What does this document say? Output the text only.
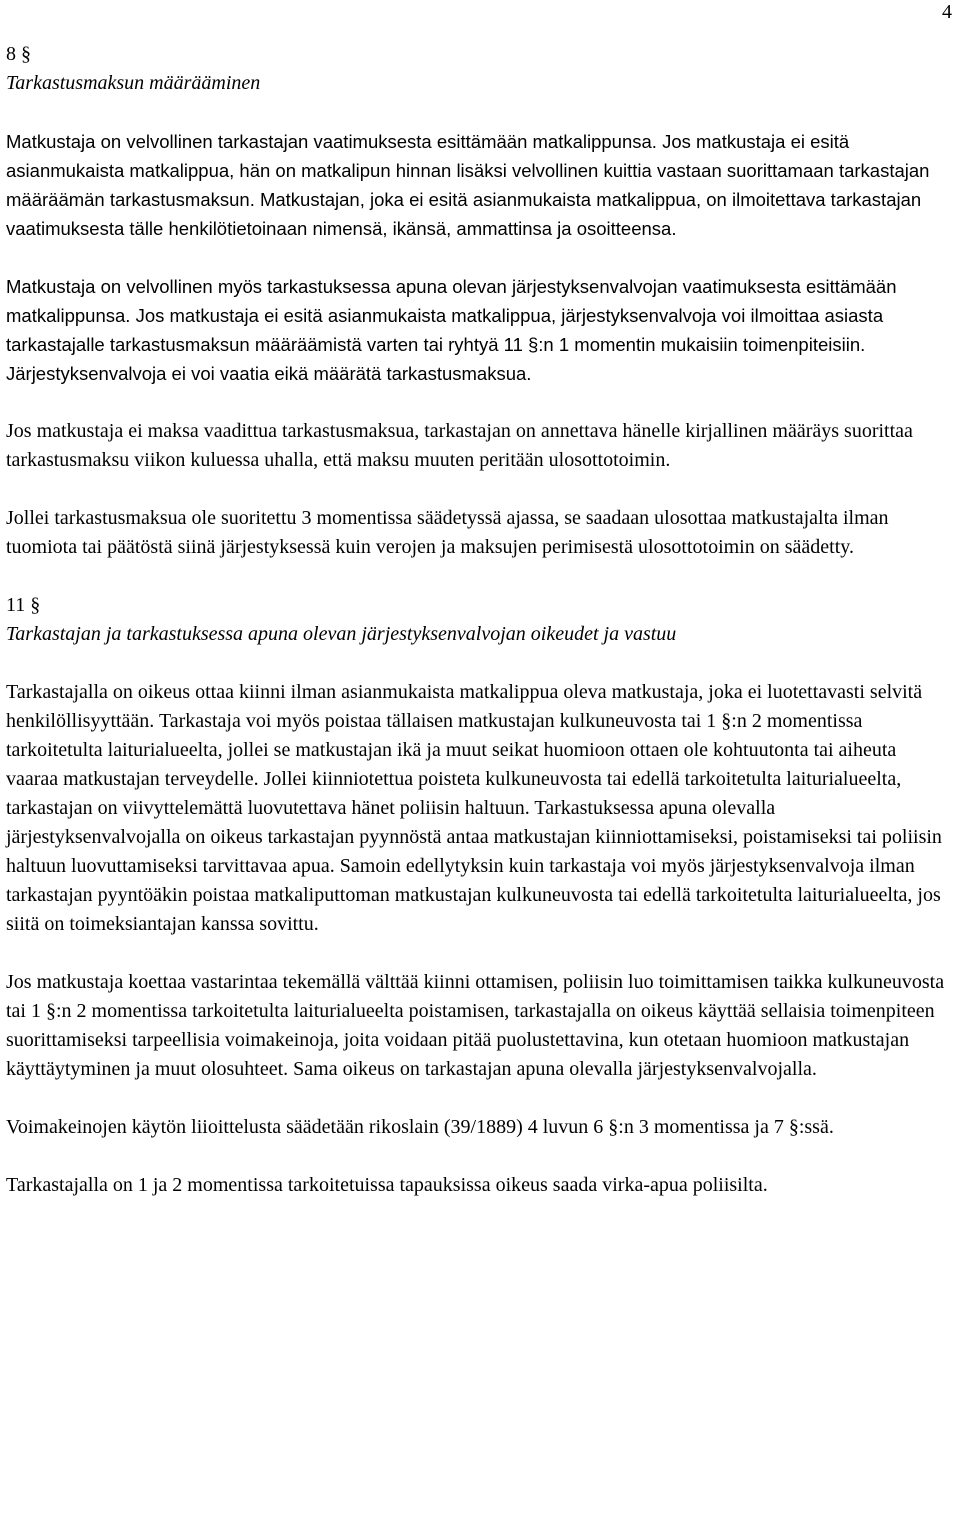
4

8 §

Tarkastusmaksun määrääminen

Matkustaja on velvollinen tarkastajan vaatimuksesta esittämään matkalippunsa. Jos matkustaja ei esitä asianmukaista matkalippua, hän on matkalipun hinnan lisäksi velvollinen kuittia vastaan suorittamaan tarkastajan määräämän tarkastusmaksun. Matkustajan, joka ei esitä asianmukaista matkalippua, on ilmoitettava tarkastajan vaatimuksesta tälle henkilötietoinaan nimensä, ikänsä, ammattinsa ja osoitteensa.

Matkustaja on velvollinen myös tarkastuksessa apuna olevan järjestyksenvalvojan vaatimuksesta esittämään matkalippunsa. Jos matkustaja ei esitä asianmukaista matkalippua, järjestyksenvalvoja voi ilmoittaa asiasta tarkastajalle tarkastusmaksun määräämistä varten tai ryhtyä 11 §:n 1 momentin mukaisiin toimenpiteisiin. Järjestyksenvalvoja ei voi vaatia eikä määrätä tarkastusmaksua.

Jos matkustaja ei maksa vaadittua tarkastusmaksua, tarkastajan on annettava hänelle kirjallinen määräys suorittaa tarkastusmaksu viikon kuluessa uhalla, että maksu muuten peritään ulosottotoimin.

Jollei tarkastusmaksua ole suoritettu 3 momentissa säädetyssä ajassa, se saadaan ulosottaa matkustajalta ilman tuomiota tai päätöstä siinä järjestyksessä kuin verojen ja maksujen perimisestä ulosottotoimin on säädetty.

11 §

Tarkastajan ja tarkastuksessa apuna olevan järjestyksenvalvojan oikeudet ja vastuu

Tarkastajalla on oikeus ottaa kiinni ilman asianmukaista matkalippua oleva matkustaja, joka ei luotettavasti selvitä henkilöllisyyttään. Tarkastaja voi myös poistaa tällaisen matkustajan kulkuneuvosta tai 1 §:n 2 momentissa tarkoitetulta laiturialueelta, jollei se matkustajan ikä ja muut seikat huomioon ottaen ole kohtuutonta tai aiheuta vaaraa matkustajan terveydelle. Jollei kiinniotettua poisteta kulkuneuvosta tai edellä tarkoitetulta laiturialueelta, tarkastajan on viivyttelemättä luovutettava hänet poliisin haltuun. Tarkastuksessa apuna olevalla järjestyksenvalvojalla on oikeus tarkastajan pyynnöstä antaa matkustajan kiinniottamiseksi, poistamiseksi tai poliisin haltuun luovuttamiseksi tarvittavaa apua. Samoin edellytyksin kuin tarkastaja voi myös järjestyksenvalvoja ilman tarkastajan pyyntöäkin poistaa matkaliputtoman matkustajan kulkuneuvosta tai edellä tarkoitetulta laiturialueelta, jos siitä on toimeksiantajan kanssa sovittu.

Jos matkustaja koettaa vastarintaa tekemällä välttää kiinni ottamisen, poliisin luo toimittamisen taikka kulkuneuvosta tai 1 §:n 2 momentissa tarkoitetulta laiturialueelta poistamisen, tarkastajalla on oikeus käyttää sellaisia toimenpiteen suorittamiseksi tarpeellisia voimakeinoja, joita voidaan pitää puolustettavina, kun otetaan huomioon matkustajan käyttäytyminen ja muut olosuhteet. Sama oikeus on tarkastajan apuna olevalla järjestyksenvalvojalla.

Voimakeinojen käytön liioittelusta säädetään rikoslain (39/1889) 4 luvun 6 §:n 3 momentissa ja 7 §:ssä.

Tarkastajalla on 1 ja 2 momentissa tarkoitetuissa tapauksissa oikeus saada virka-apua poliisilta.
